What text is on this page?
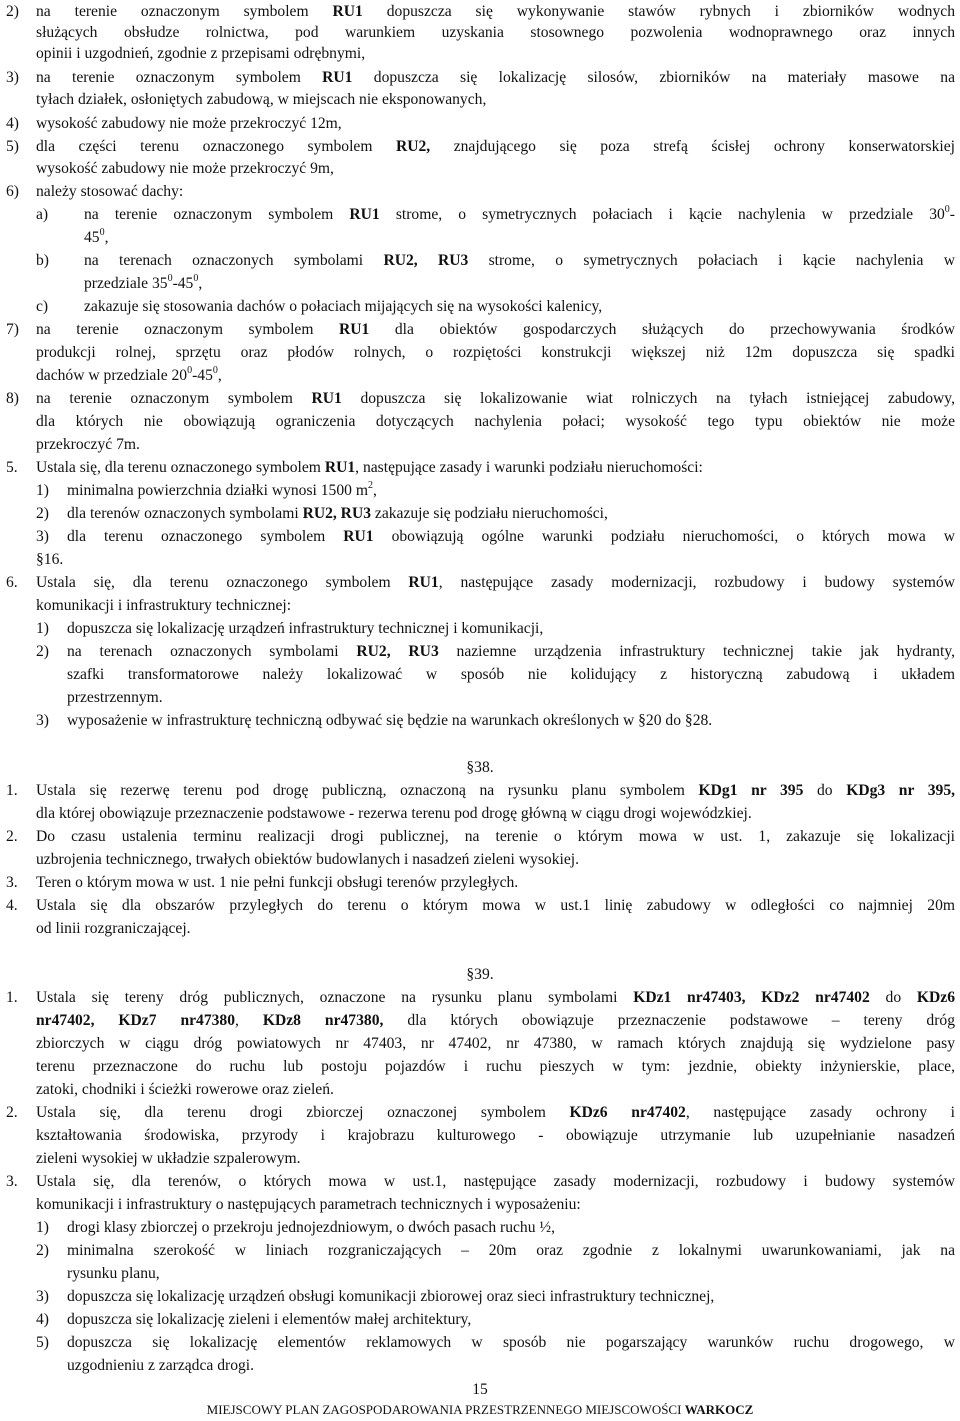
2) na terenie oznaczonym symbolem RU1 dopuszcza się wykonywanie stawów rybnych i zbiorników wodnych
służących obsłudze rolnictwa, pod warunkiem uzyskania stosownego pozwolenia wodnoprawnego oraz innych
opinii i uzgodnień, zgodnie z przepisami odrębnymi,
3) na terenie oznaczonym symbolem RU1 dopuszcza się lokalizację silosów, zbiorników na materiały masowe na
tyłach działek, osłoniętych zabudową, w miejscach nie eksponowanych,
4) wysokość zabudowy nie może przekroczyć 12m,
5) dla części terenu oznaczonego symbolem RU2, znajdującego się poza strefą ścisłej ochrony konserwatorskiej
wysokość zabudowy nie może przekroczyć 9m,
6) należy stosować dachy:
a) na terenie oznaczonym symbolem RU1 strome, o symetrycznych połaciach i kącie nachylenia w przedziale $30^0-$
$45^0$,
b) na terenach oznaczonych symbolami RU2, RU3 strome, o symetrycznych połaciach i kącie nachylenia w
przedziale $35^0-45^0$,
c) zakazuje się stosowania dachów o połaciach mijających się na wysokości kalenicy,
7) na terenie oznaczonym symbolem RU1 dla obiektów gospodarczych służących do przechowywania środków
produkcji rolnej, sprzętu oraz płodów rolnych, o rozpiętości konstrukcji większej niż 12m dopuszcza się spadki
dachów w przedziale $20^0-45^0$,
8) na terenie oznaczonym symbolem RU1 dopuszcza się lokalizowanie wiat rolniczych na tyłach istniejącej zabudowy,
dla których nie obowiązują ograniczenia dotyczących nachylenia połaci; wysokość tego typu obiektów nie może
przekroczyć 7m.
5. Ustala się, dla terenu oznaczonego symbolem RU1, następujące zasady i warunki podziału nieruchomości:
1) minimalna powierzchnia działki wynosi 1500 $m^2$,
2) dla terenów oznaczonych symbolami RU2, RU3 zakazuje się podziału nieruchomości,
3) dla terenu oznaczonego symbolem RU1 obowiązują ogólne warunki podziału nieruchomości, o których mowa w
§16.
6. Ustala się, dla terenu oznaczonego symbolem RU1, następujące zasady modernizacji, rozbudowy i budowy systemów
komunikacji i infrastruktury technicznej:
1) dopuszcza się lokalizację urządzeń infrastruktury technicznej i komunikacji,
2) na terenach oznaczonych symbolami RU2, RU3 naziemne urządzenia infrastruktury technicznej takie jak hydranty,
szafki transformatorowe należy lokalizować w sposób nie kolidujący z historyczną zabudową i układem
przestrzennym.
3) wyposażenie w infrastrukturę techniczną odbywać się będzie na warunkach określonych w §20 do §28.
§38.
1. Ustala się rezerwę terenu pod drogę publiczną, oznaczoną na rysunku planu symbolem KDg1 nr 395 do KDg3 nr 395,
dla której obowiązuje przeznaczenie podstawowe - rezerwa terenu pod drogę główną w ciągu drogi wojewódzkiej.
2. Do czasu ustalenia terminu realizacji drogi publicznej, na terenie o którym mowa w ust. 1, zakazuje się lokalizacji
uzbrojenia technicznego, trwałych obiektów budowlanych i nasadzeń zieleni wysokiej.
3. Teren o którym mowa w ust. 1 nie pełni funkcji obsługi terenów przyległych.
4. Ustala się dla obszarów przyległych do terenu o którym mowa w ust.1 linię zabudowy w odległości co najmniej 20m
od linii rozgraniczającej.
§39.
1. Ustala się tereny dróg publicznych, oznaczone na rysunku planu symbolami KDz1 nr47403, KDz2 nr47402 do KDz6
nr47402, KDz7 nr47380, KDz8 nr47380, dla których obowiązuje przeznaczenie podstawowe – tereny dróg
zbiorczych w ciągu dróg powiatowych nr 47403, nr 47402, nr 47380, w ramach których znajdują się wydzielone pasy
terenu przeznaczone do ruchu lub postoju pojazdów i ruchu pieszych w tym: jezdnie, obiekty inżynierskie, place,
zatoki, chodniki i ścieżki rowerowe oraz zieleń.
2. Ustala się, dla terenu drogi zbiorczej oznaczonej symbolem KDz6 nr47402, następujące zasady ochrony i
kształtowania środowiska, przyrody i krajobrazu kulturowego - obowiązuje utrzymanie lub uzupełnianie nasadzeń
zieleni wysokiej w układzie szpalerowym.
3. Ustala się, dla terenów, o których mowa w ust.1, następujące zasady modernizacji, rozbudowy i budowy systemów
komunikacji i infrastruktury o następujących parametrach technicznych i wyposażeniu:
1) drogi klasy zbiorczej o przekroju jednojezdniowym, o dwóch pasach ruchu ½,
2) minimalna szerokość w liniach rozgraniczających – 20m oraz zgodnie z lokalnymi uwarunkowaniami, jak na
rysunku planu,
3) dopuszcza się lokalizację urządzeń obsługi komunikacji zbiorowej oraz sieci infrastruktury technicznej,
4) dopuszcza się lokalizację zieleni i elementów małej architektury,
5) dopuszcza się lokalizację elementów reklamowych w sposób nie pogarszający warunków ruchu drogowego, w
uzgodnieniu z zarządca drogi.
15
MIEJSCOWY PLAN ZAGOSPODAROWANIA PRZESTRZENNEGO MIEJSCOWOŚCI WARKOCZ
